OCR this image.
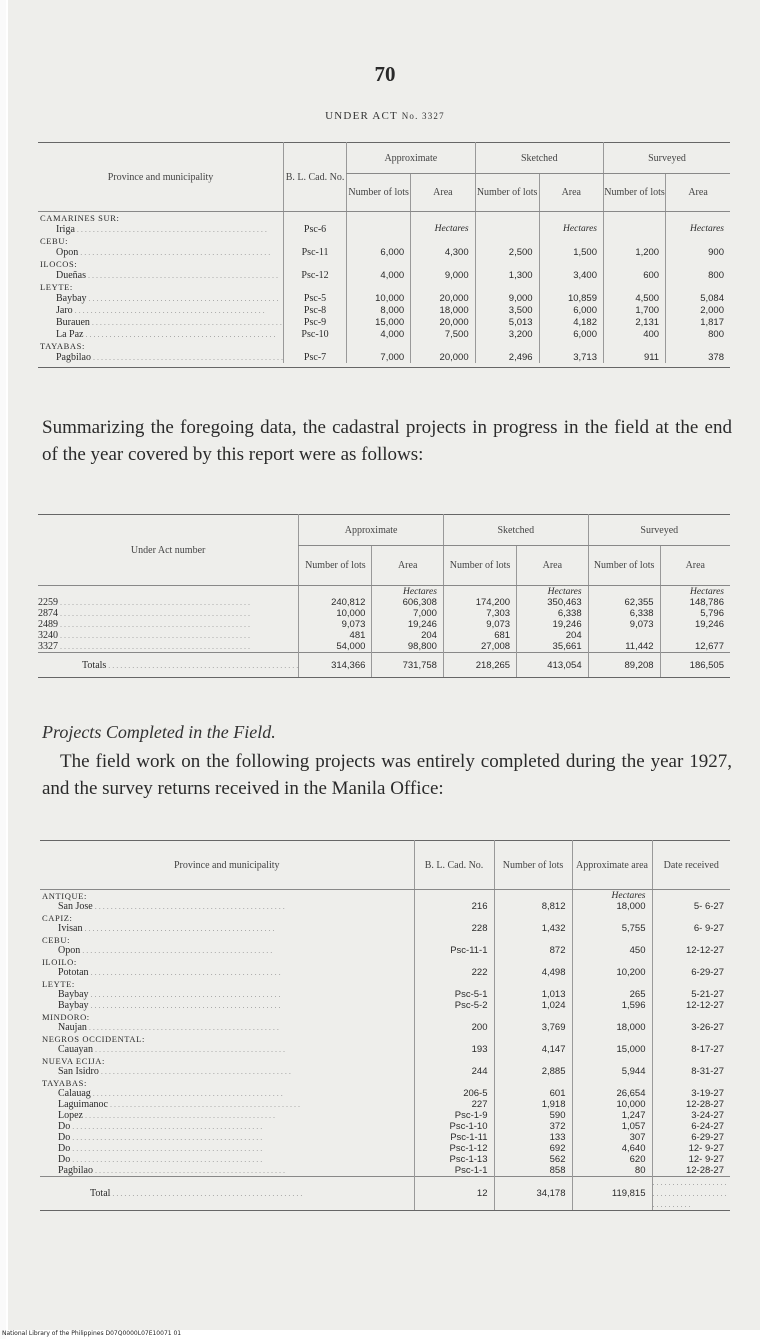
70
UNDER ACT No. 3327
Province and municipality	B. L. Cad. No.	Approximate		Sketched		Surveyed	
		Number of lots	Area	Number of lots	Area	Number of lots	Area
CAMARINES SUR:							
Iriga . . .	Psc-6		Hectares		Hectares		Hectares
CEBU:							
Opon . . .	Psc-11	6,000	4,300	2,500	1,500	1,200	900
ILOCOS:							
Dueñas . . .	Psc-12	4,000	9,000	1,300	3,400	600	800
LEYTE:							
Baybay . . .	Psc-5	10,000	20,000	9,000	10,859	4,500	5,084
Jaro . . .	Psc-8	8,000	18,000	3,500	6,000	1,700	2,000
Burauen . . .	Psc-9	15,000	20,000	5,013	4,182	2,131	1,817
La Paz . . .	Psc-10	4,000	7,500	3,200	6,000	400	800
TAYABAS:							
Pagbilao . . .	Psc-7	7,000	20,000	2,496	3,713	911	378

Summarizing the foregoing data, the cadastral projects in progress in the field at the end of the year covered by this report were as follows:
Under Act number	Approximate		Sketched		Surveyed	
	Number of lots	Area	Number of lots	Area	Number of lots	Area
		Hectares		Hectares		Hectares
2259 . . .	240,812	606,308	174,200	350,463	62,355	148,786
2874 . . .	10,000	7,000	7,303	6,338	6,338	5,796
2489 . . .	9,073	19,246	9,073	19,246	9,073	19,246
3240 . . .	481	204	681	204		
3327 . . .	54,000	98,800	27,008	35,661	11,442	12,677
Totals . . .	314,366	731,758	218,265	413,054	89,208	186,505
Projects Completed in the Field.
The field work on the following projects was entirely completed during the year 1927, and the survey returns received in the Manila Office:
Province and municipality	B. L. Cad. No.	Number of lots	Approximate area	Date received
ANTIQUE:			Hectares	
San Jose . . .	216	8,812	18,000	5- 6-27
CAPIZ:				
Ivisan . . .	228	1,432	5,755	6- 9-27
CEBU:				
Opon . . .	Psc-11-1	872	450	12-12-27
ILOILO:				
Pototan . . .	222	4,498	10,200	6-29-27
LEYTE:				
Baybay . . .	Psc-5-1	1,013	265	5-21-27
Baybay . . .	Psc-5-2	1,024	1,596	12-12-27
MINDORO:				
Naujan . . .	200	3,769	18,000	3-26-27
NEGROS OCCIDENTAL:				
Cauayan . . .	193	4,147	15,000	8-17-27
NUEVA ECIJA:				
San Isidro . . .	244	2,885	5,944	8-31-27
TAYABAS:				
Calauag . . .	206-5	601	26,654	3-19-27
Laguimanoc . . .	227	1,918	10,000	12-28-27
Lopez . . .	Psc-1-9	590	1,247	3-24-27
Do . . .	Psc-1-10	372	1,057	6-24-27
Do . . .	Psc-1-11	133	307	6-29-27
Do . . .	Psc-1-12	692	4,640	12- 9-27
Do . . .	Psc-1-13	562	620	12- 9-27
Pagbilao . . .	Psc-1-1	858	80	12-28-27
Total . . .	12	34,178	119,815	. . .
National Library of the Philippines D07Q0000L07E10071 01
